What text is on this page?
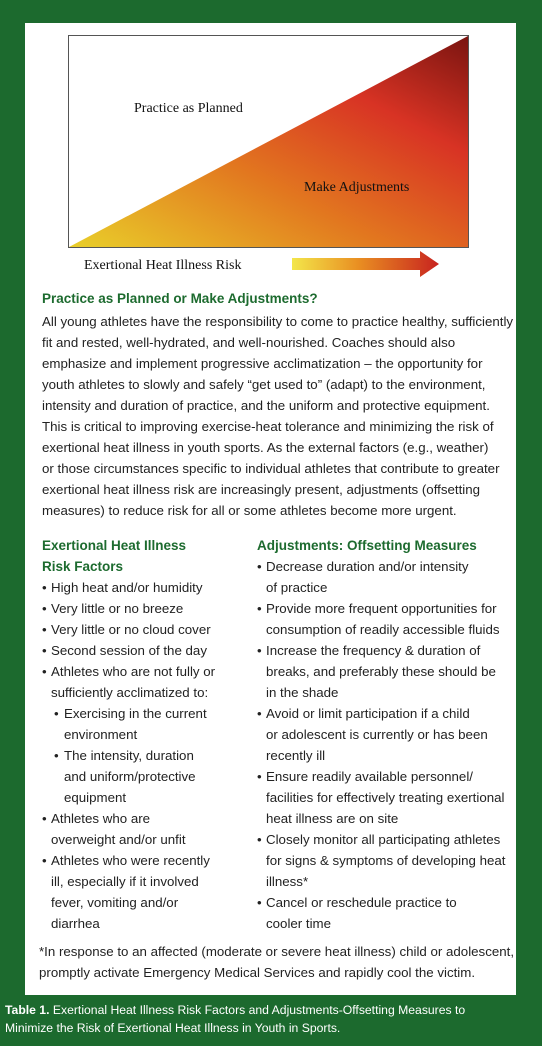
Practice as Planned
Make Adjustments
Exertional Heat Illness Risk
Practice as Planned or Make Adjustments?
All young athletes have the responsibility to come to practice healthy, sufficiently
fit and rested, well-hydrated, and well-nourished. Coaches should also
emphasize and implement progressive acclimatization – the opportunity for
youth athletes to slowly and safely “get used to” (adapt) to the environment,
intensity and duration of practice, and the uniform and protective equipment.
This is critical to improving exercise-heat tolerance and minimizing the risk of
exertional heat illness in youth sports. As the external factors (e.g., weather)
or those circumstances specific to individual athletes that contribute to greater
exertional heat illness risk are increasingly present, adjustments (offsetting
measures) to reduce risk for all or some athletes become more urgent.
Exertional Heat Illness
Risk Factors
• High heat and/or humidity
• Very little or no breeze
• Very little or no cloud cover
• Second session of the day
• Athletes who are not fully or
sufficiently acclimatized to:
• Exercising in the current
environment
• The intensity, duration
and uniform/protective
equipment
• Athletes who are
overweight and/or unfit
• Athletes who were recently
ill, especially if it involved
fever, vomiting and/or
diarrhea
Adjustments: Offsetting Measures
• Decrease duration and/or intensity
of practice
• Provide more frequent opportunities for
consumption of readily accessible fluids
• Increase the frequency & duration of
breaks, and preferably these should be
in the shade
• Avoid or limit participation if a child
or adolescent is currently or has been
recently ill
• Ensure readily available personnel/
facilities for effectively treating exertional
heat illness are on site
• Closely monitor all participating athletes
for signs & symptoms of developing heat
illness*
• Cancel or reschedule practice to
cooler time
*In response to an affected (moderate or severe heat illness) child or adolescent,
promptly activate Emergency Medical Services and rapidly cool the victim.
Table 1. Exertional Heat Illness Risk Factors and Adjustments-Offsetting Measures to
Minimize the Risk of Exertional Heat Illness in Youth in Sports.
